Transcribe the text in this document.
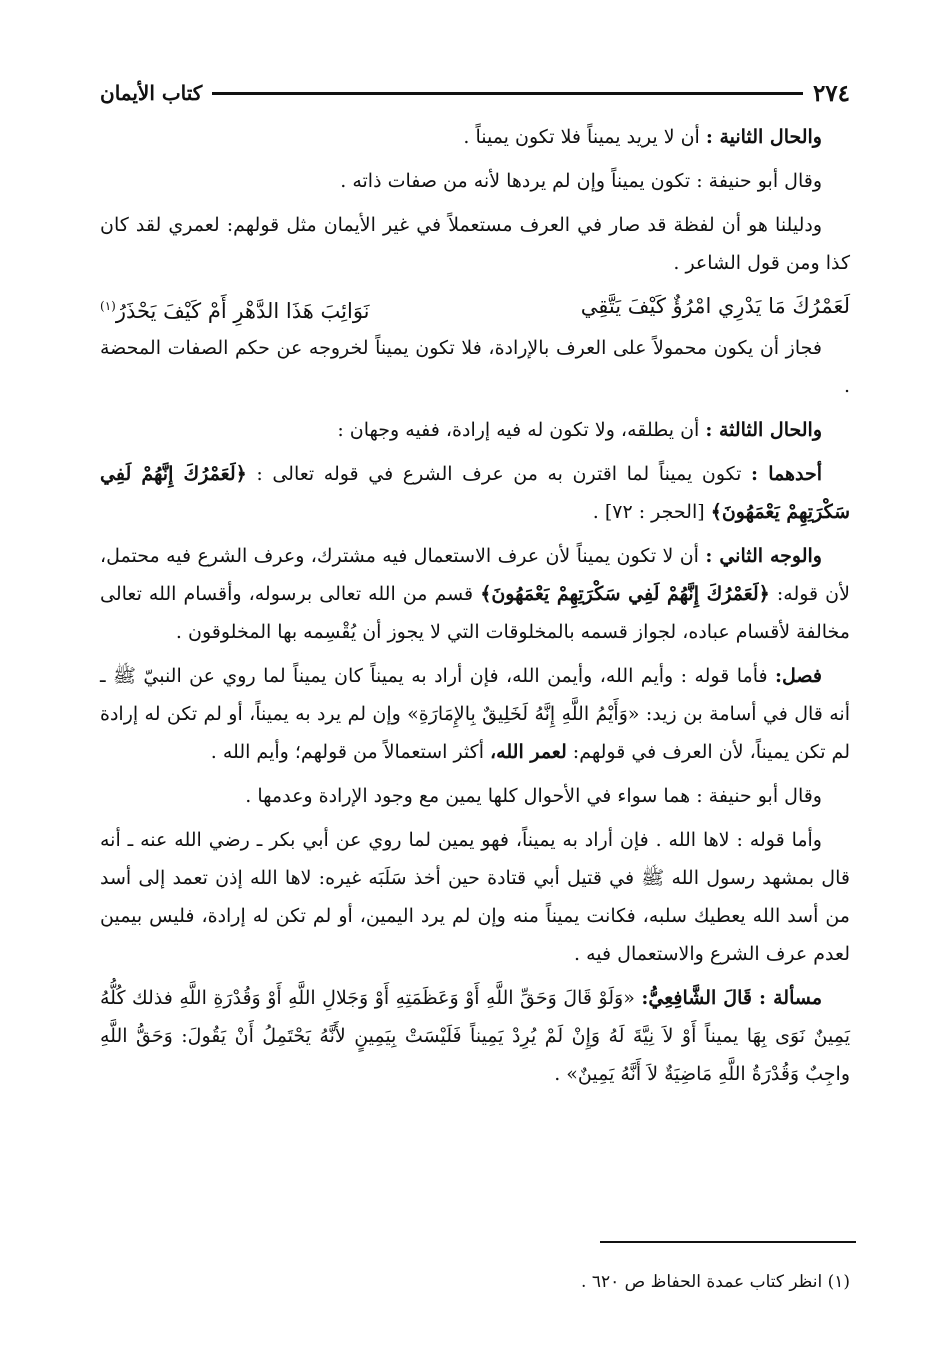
كتاب الأيمان	٢٧٤

والحال الثانية : أن لا يريد يميناً فلا تكون يميناً .

وقال أبو حنيفة : تكون يميناً وإن لم يردها لأنه من صفات ذاته .

ودليلنا هو أن لفظة قد صار في العرف مستعملاً في غير الأيمان مثل قولهم: لعمري لقد كان كذا ومن قول الشاعر .

لَعَمْرُكَ مَا يَدْرِي امْرُؤٌ كَيْفَ يَتَّقِي
نَوَائِبَ هَذَا الدَّهْرِ أَمْ كَيْفَ يَحْذَرُ$^{(١)}$

فجاز أن يكون محمولاً على العرف بالإرادة، فلا تكون يميناً لخروجه عن حكم الصفات المحضة .

والحال الثالثة : أن يطلقه، ولا تكون له فيه إرادة، ففيه وجهان :

أحدهما : تكون يميناً لما اقترن به من عرف الشرع في قوله تعالى : ﴿لَعَمْرُكَ إِنَّهُمْ لَفِي سَكْرَتِهِمْ يَعْمَهُونَ﴾ [الحجر : ٧٢] .

والوجه الثاني : أن لا تكون يميناً لأن عرف الاستعمال فيه مشترك، وعرف الشرع فيه محتمل، لأن قوله: ﴿لَعَمْرُكَ إِنَّهُمْ لَفِي سَكْرَتِهِمْ يَعْمَهُونَ﴾ قسم من الله تعالى برسوله، وأقسام الله تعالى مخالفة لأقسام عباده، لجواز قسمه بالمخلوقات التي لا يجوز أن يُقْسِمه بها المخلوقون .

فصل: فأما قوله : وأيم الله، وأيمن الله، فإن أراد به يميناً كان يميناً لما روي عن النبيّ ﷺ ـ أنه قال في أسامة بن زيد: «وَأَيْمُ اللَّهِ إِنَّهُ لَخَلِيقٌ بِالإِمَارَةِ» وإن لم يرد به يميناً، أو لم تكن له إرادة لم تكن يميناً، لأن العرف في قولهم: لعمر الله، أكثر استعمالاً من قولهم؛ وأيم الله .

وقال أبو حنيفة : هما سواء في الأحوال كلها يمين مع وجود الإرادة وعدمها .

وأما قوله : لاها الله . فإن أراد به يميناً، فهو يمين لما روي عن أبي بكر ـ رضي الله عنه ـ أنه قال بمشهد رسول الله ﷺ في قتيل أبي قتادة حين أخذ سَلَبَه غيره: لاها الله إذن تعمد إلى أسد من أسد الله يعطيك سلبه، فكانت يميناً منه وإن لم يرد اليمين، أو لم تكن له إرادة، فليس بيمين لعدم عرف الشرع والاستعمال فيه .

مسألة : قَالَ الشَّافِعِيُّ: «وَلَوْ قَالَ وَحَقِّ اللَّهِ أَوْ وَعَظَمَتِهِ أَوْ وَجَلالِ اللَّهِ أَوْ وَقُدْرَةِ اللَّهِ فذلك كُلُّهُ يَمِينٌ نَوَى بِهَا يميناً أَوْ لاَ نِيَّةَ لَهُ وَإِنْ لَمْ يُرِدْ يَمِيناً فَلَيْسَتْ بِيَمِينٍ لأَنَّهُ يَحْتَمِلُ أَنْ يَقُولَ: وَحَقُّ اللَّهِ واجِبٌ وَقُدْرَةُ اللَّهِ مَاضِيَةٌ لاَ أَنَّهُ يَمِينٌ» .

(١) انظر كتاب عمدة الحفاظ ص ٦٢٠ .
